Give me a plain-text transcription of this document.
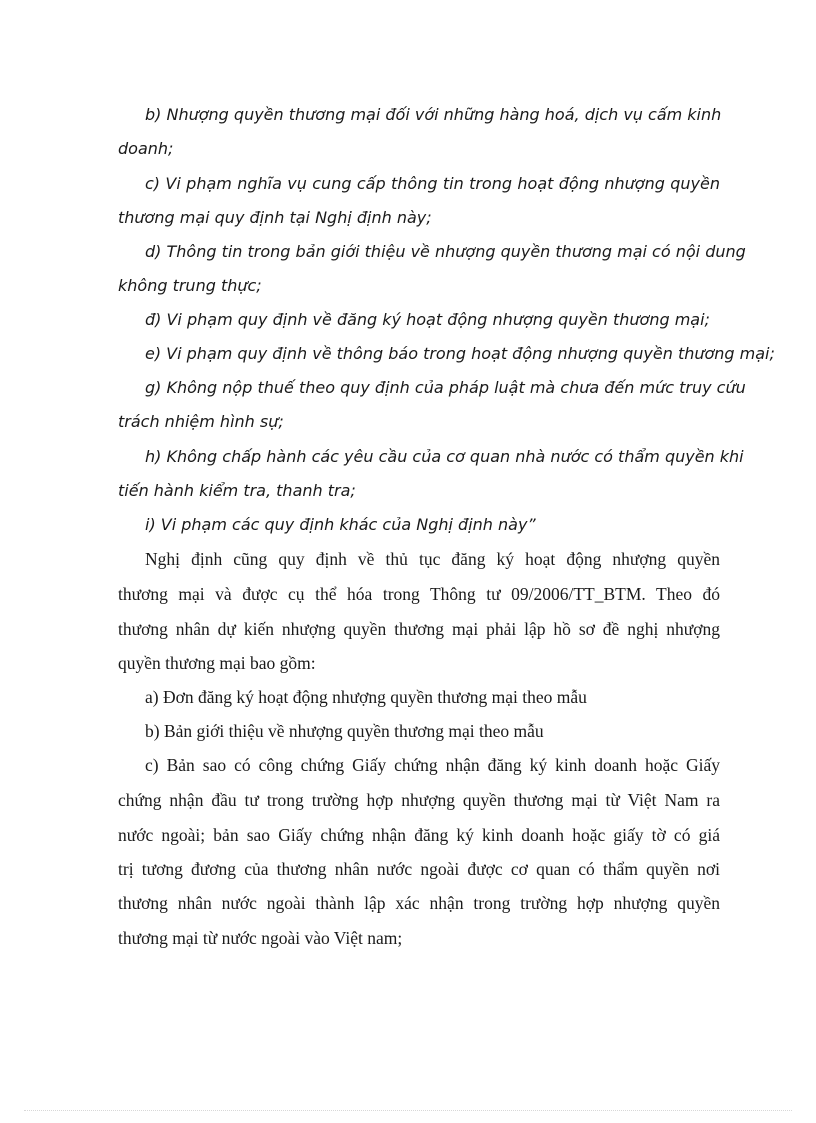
b) Nhượng quyền thương mại đối với những hàng hoá, dịch vụ cấm kinh

doanh;

c) Vi phạm nghĩa vụ cung cấp thông tin trong hoạt động nhượng quyền

thương mại quy định tại Nghị định này;

d) Thông tin trong bản giới thiệu về nhượng quyền thương mại có nội dung

không trung thực;

đ) Vi phạm quy định về đăng ký hoạt động nhượng quyền thương mại;

e) Vi phạm quy định về thông báo trong hoạt động nhượng quyền thương mại;

g) Không nộp thuế theo quy định của pháp luật mà chưa đến mức truy cứu

trách nhiệm hình sự;

h) Không chấp hành các yêu cầu của cơ quan nhà nước có thẩm quyền khi

tiến hành kiểm tra, thanh tra;

i) Vi phạm các quy định khác của Nghị định này”

Nghị định cũng quy định về thủ tục đăng ký hoạt động nhượng quyền

thương mại và được cụ thể hóa trong Thông tư 09/2006/TT_BTM. Theo đó

thương nhân dự kiến nhượng quyền thương mại phải lập hồ sơ đề nghị nhượng

quyền thương mại bao gồm:

a) Đơn đăng ký hoạt động nhượng quyền thương mại theo mẫu

b) Bản giới thiệu về nhượng quyền thương mại theo mẫu

c) Bản sao có công chứng Giấy chứng nhận đăng ký kinh doanh hoặc Giấy

chứng nhận đầu tư trong trường hợp nhượng quyền thương mại từ Việt Nam ra

nước ngoài; bản sao Giấy chứng nhận đăng ký kinh doanh hoặc giấy tờ có giá

trị tương đương của thương nhân nước ngoài được cơ quan có thẩm quyền nơi

thương nhân nước ngoài thành lập xác nhận trong trường hợp nhượng quyền

thương mại từ nước ngoài vào Việt nam;
